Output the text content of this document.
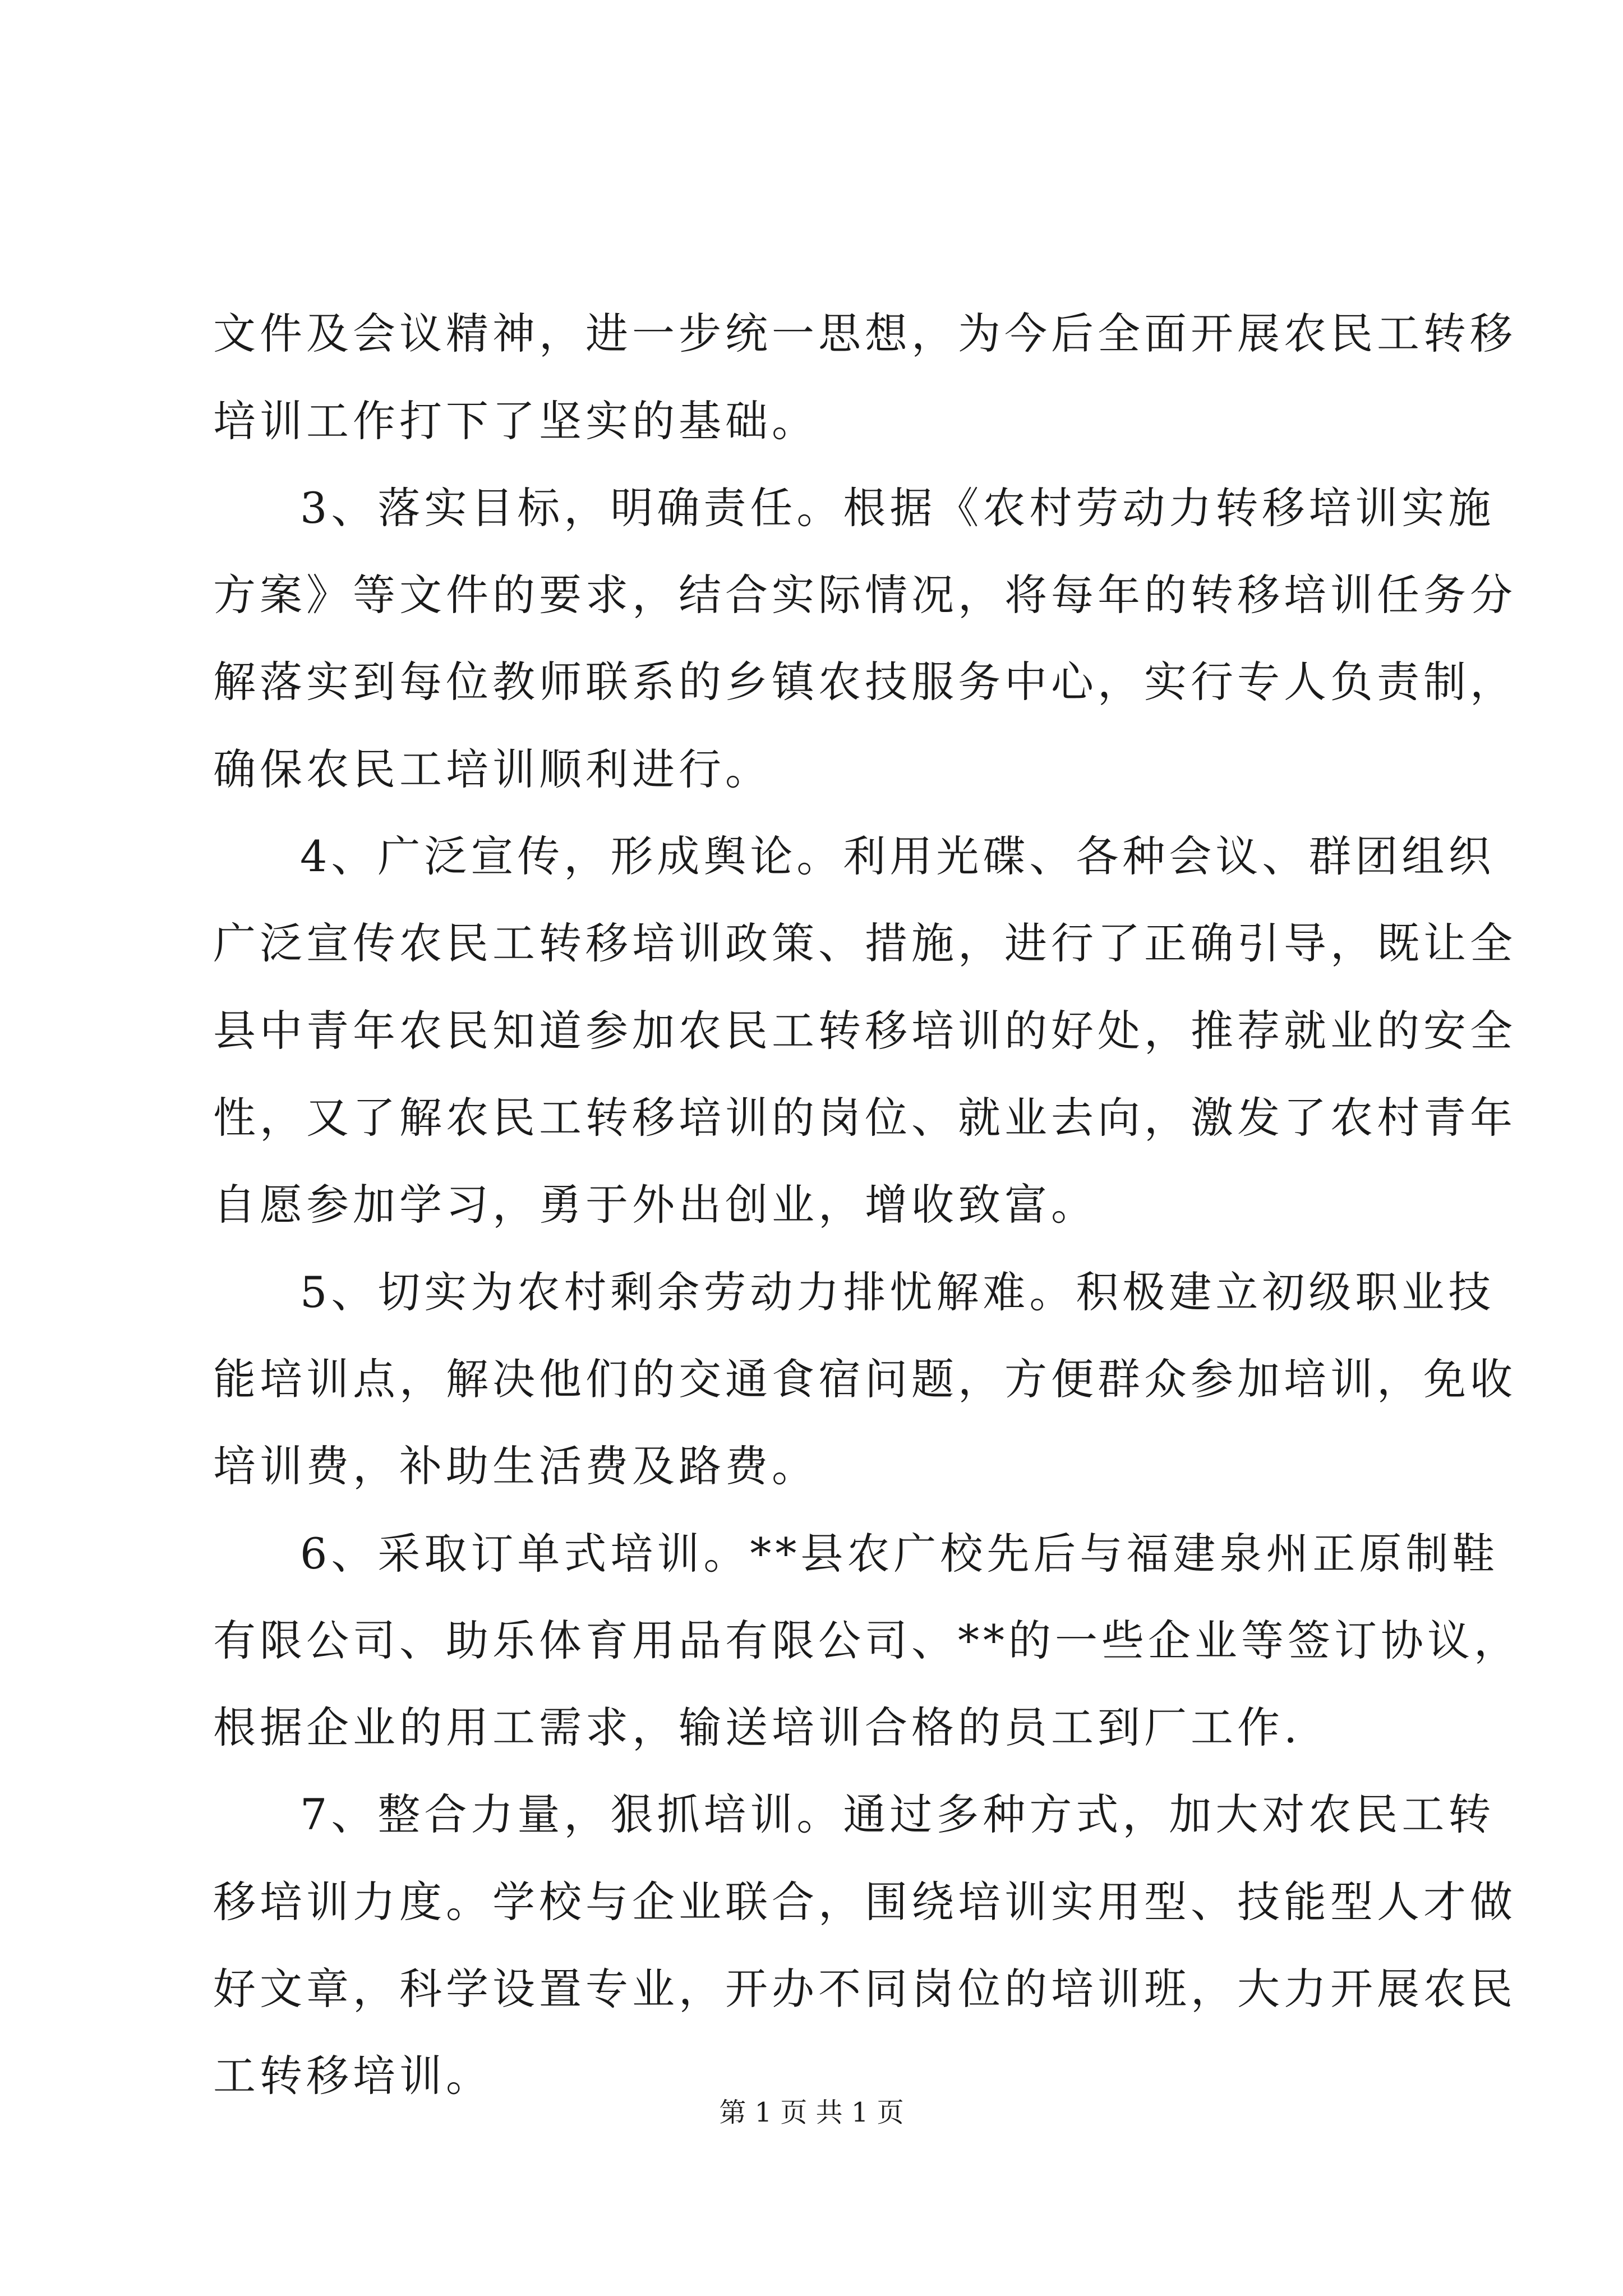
文件及会议精神，进一步统一思想，为今后全面开展农民工转移
培训工作打下了坚实的基础。
3、落实目标，明确责任。根据《农村劳动力转移培训实施
方案》等文件的要求，结合实际情况，将每年的转移培训任务分
解落实到每位教师联系的乡镇农技服务中心，实行专人负责制，
确保农民工培训顺利进行。
4、广泛宣传，形成舆论。利用光碟、各种会议、群团组织
广泛宣传农民工转移培训政策、措施，进行了正确引导，既让全
县中青年农民知道参加农民工转移培训的好处，推荐就业的安全
性，又了解农民工转移培训的岗位、就业去向，激发了农村青年
自愿参加学习，勇于外出创业，增收致富。
5、切实为农村剩余劳动力排忧解难。积极建立初级职业技
能培训点，解决他们的交通食宿问题，方便群众参加培训，免收
培训费，补助生活费及路费。
6、采取订单式培训。**县农广校先后与福建泉州正原制鞋
有限公司、助乐体育用品有限公司、**的一些企业等签订协议，
根据企业的用工需求，输送培训合格的员工到厂工作.
7、整合力量，狠抓培训。通过多种方式，加大对农民工转
移培训力度。学校与企业联合，围绕培训实用型、技能型人才做
好文章，科学设置专业，开办不同岗位的培训班，大力开展农民
工转移培训。
第 1 页 共 1 页
